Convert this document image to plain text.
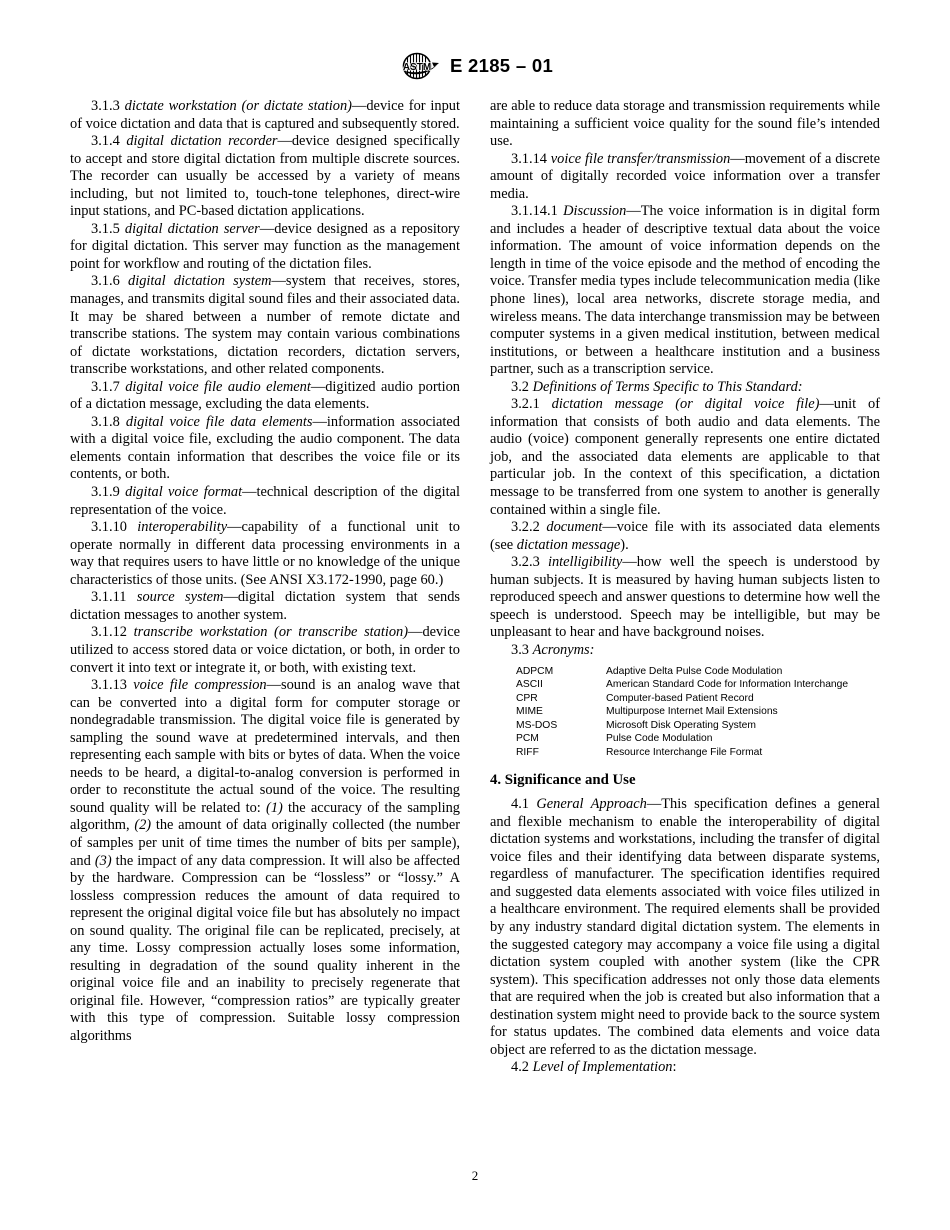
ASTM E 2185 – 01

3.1.3 dictate workstation (or dictate station)—device for input of voice dictation and data that is captured and subsequently stored.

3.1.4 digital dictation recorder—device designed specifically to accept and store digital dictation from multiple discrete sources. The recorder can usually be accessed by a variety of means including, but not limited to, touch-tone telephones, direct-wire input stations, and PC-based dictation applications.

3.1.5 digital dictation server—device designed as a repository for digital dictation. This server may function as the management point for workflow and routing of the dictation files.

3.1.6 digital dictation system—system that receives, stores, manages, and transmits digital sound files and their associated data. It may be shared between a number of remote dictate and transcribe stations. The system may contain various combinations of dictate workstations, dictation recorders, dictation servers, transcribe workstations, and other related components.

3.1.7 digital voice file audio element—digitized audio portion of a dictation message, excluding the data elements.

3.1.8 digital voice file data elements—information associated with a digital voice file, excluding the audio component. The data elements contain information that describes the voice file or its contents, or both.

3.1.9 digital voice format—technical description of the digital representation of the voice.

3.1.10 interoperability—capability of a functional unit to operate normally in different data processing environments in a way that requires users to have little or no knowledge of the unique characteristics of those units. (See ANSI X3.172-1990, page 60.)

3.1.11 source system—digital dictation system that sends dictation messages to another system.

3.1.12 transcribe workstation (or transcribe station)—device utilized to access stored data or voice dictation, or both, in order to convert it into text or integrate it, or both, with existing text.

3.1.13 voice file compression—sound is an analog wave that can be converted into a digital form for computer storage or nondegradable transmission. The digital voice file is generated by sampling the sound wave at predetermined intervals, and then representing each sample with bits or bytes of data. When the voice needs to be heard, a digital-to-analog conversion is performed in order to reconstitute the actual sound of the voice. The resulting sound quality will be related to: (1) the accuracy of the sampling algorithm, (2) the amount of data originally collected (the number of samples per unit of time times the number of bits per sample), and (3) the impact of any data compression. It will also be affected by the hardware. Compression can be “lossless” or “lossy.” A lossless compression reduces the amount of data required to represent the original digital voice file but has absolutely no impact on sound quality. The original file can be replicated, precisely, at any time. Lossy compression actually loses some information, resulting in degradation of the sound quality inherent in the original voice file and an inability to precisely regenerate that original file. However, “compression ratios” are typically greater with this type of compression. Suitable lossy compression algorithms

are able to reduce data storage and transmission requirements while maintaining a sufficient voice quality for the sound file’s intended use.

3.1.14 voice file transfer/transmission—movement of a discrete amount of digitally recorded voice information over a transfer media.

3.1.14.1 Discussion—The voice information is in digital form and includes a header of descriptive textual data about the voice information. The amount of voice information depends on the length in time of the voice episode and the method of encoding the voice. Transfer media types include telecommunication media (like phone lines), local area networks, discrete storage media, and wireless means. The data interchange transmission may be between computer systems in a given medical institution, between medical institutions, or between a healthcare institution and a business partner, such as a transcription service.

3.2 Definitions of Terms Specific to This Standard:

3.2.1 dictation message (or digital voice file)—unit of information that consists of both audio and data elements. The audio (voice) component generally represents one entire dictated job, and the associated data elements are applicable to that particular job. In the context of this specification, a dictation message to be transferred from one system to another is generally contained within a single file.

3.2.2 document—voice file with its associated data elements (see dictation message).

3.2.3 intelligibility—how well the speech is understood by human subjects. It is measured by having human subjects listen to reproduced speech and answer questions to determine how well the speech is understood. Speech may be intelligible, but may be unpleasant to hear and have background noises.

3.3 Acronyms:

ADPCM	Adaptive Delta Pulse Code Modulation
ASCII	American Standard Code for Information Interchange
CPR	Computer-based Patient Record
MIME	Multipurpose Internet Mail Extensions
MS-DOS	Microsoft Disk Operating System
PCM	Pulse Code Modulation
RIFF	Resource Interchange File Format
4. Significance and Use

4.1 General Approach—This specification defines a general and flexible mechanism to enable the interoperability of digital dictation systems and workstations, including the transfer of digital voice files and their identifying data between disparate systems, regardless of manufacturer. The specification identifies required and suggested data elements associated with voice files utilized in a healthcare environment. The required elements shall be provided by any industry standard digital dictation system. The elements in the suggested category may accompany a voice file using a digital dictation system coupled with another system (like the CPR system). This specification addresses not only those data elements that are required when the job is created but also information that a destination system might need to provide back to the source system for status updates. The combined data elements and voice data object are referred to as the dictation message.

4.2 Level of Implementation:

2
